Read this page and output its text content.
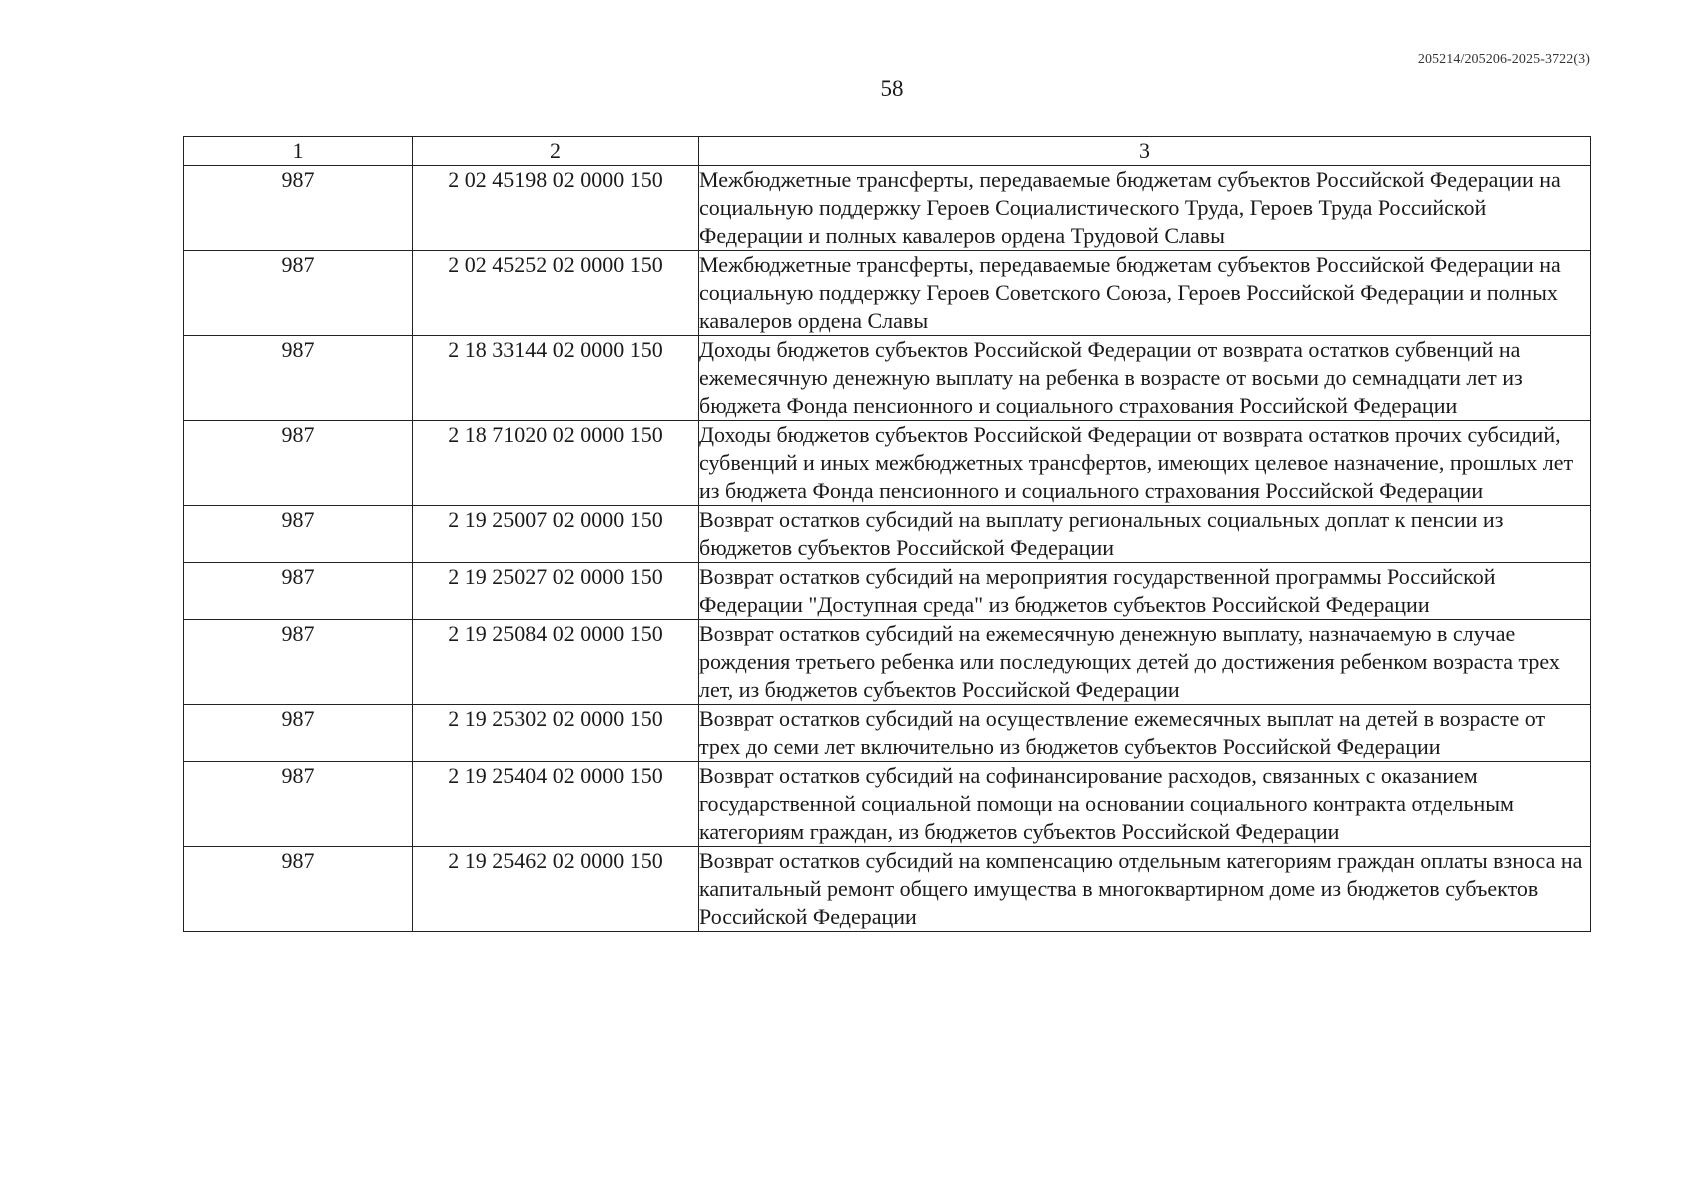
205214/205206-2025-3722(3)
58
1	2	3
987	2 02 45198 02 0000 150	Межбюджетные трансферты, передаваемые бюджетам субъектов Российской Федерации на социальную поддержку Героев Социалистического Труда, Героев Труда Российской Федерации и полных кавалеров ордена Трудовой Славы
987	2 02 45252 02 0000 150	Межбюджетные трансферты, передаваемые бюджетам субъектов Российской Федерации на социальную поддержку Героев Советского Союза, Героев Российской Федерации и полных кавалеров ордена Славы
987	2 18 33144 02 0000 150	Доходы бюджетов субъектов Российской Федерации от возврата остатков субвенций на ежемесячную денежную выплату на ребенка в возрасте от восьми до семнадцати лет из бюджета Фонда пенсионного и социального страхования Российской Федерации
987	2 18 71020 02 0000 150	Доходы бюджетов субъектов Российской Федерации от возврата остатков прочих субсидий, субвенций и иных межбюджетных трансфертов, имеющих целевое назначение, прошлых лет из бюджета Фонда пенсионного и социального страхования Российской Федерации
987	2 19 25007 02 0000 150	Возврат остатков субсидий на выплату региональных социальных доплат к пенсии из бюджетов субъектов Российской Федерации
987	2 19 25027 02 0000 150	Возврат остатков субсидий на мероприятия государственной программы Российской Федерации "Доступная среда" из бюджетов субъектов Российской Федерации
987	2 19 25084 02 0000 150	Возврат остатков субсидий на ежемесячную денежную выплату, назначаемую в случае рождения третьего ребенка или последующих детей до достижения ребенком возраста трех лет, из бюджетов субъектов Российской Федерации
987	2 19 25302 02 0000 150	Возврат остатков субсидий на осуществление ежемесячных выплат на детей в возрасте от трех до семи лет включительно из бюджетов субъектов Российской Федерации
987	2 19 25404 02 0000 150	Возврат остатков субсидий на софинансирование расходов, связанных с оказанием государственной социальной помощи на основании социального контракта отдельным категориям граждан, из бюджетов субъектов Российской Федерации
987	2 19 25462 02 0000 150	Возврат остатков субсидий на компенсацию отдельным категориям граждан оплаты взноса на капитальный ремонт общего имущества в многоквартирном доме из бюджетов субъектов Российской Федерации
